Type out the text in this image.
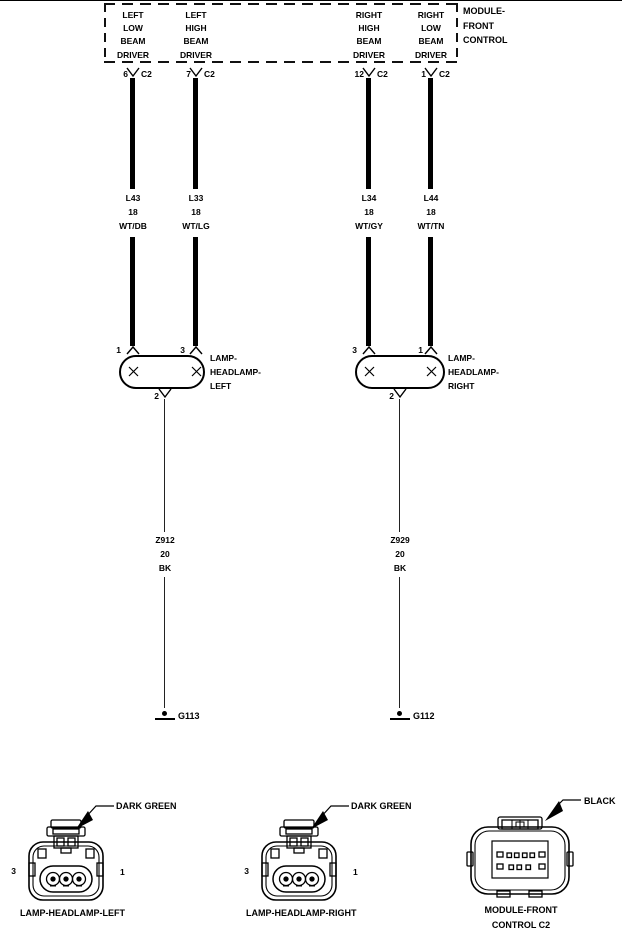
MODULE-
FRONT
CONTROL
LEFT
LOW
BEAM
DRIVER
LEFT
HIGH
BEAM
DRIVER
RIGHT
HIGH
BEAM
DRIVER
RIGHT
LOW
BEAM
DRIVER
6 C2	7 C2	12 C2	1 C2
L43
18
WT/DB
L33
18
WT/LG
L34
18
WT/GY
L44
18
WT/TN
1	3
LAMP-
HEADLAMP-
LEFT
2
3	1
LAMP-
HEADLAMP-
RIGHT
2
Z912
20
BK
Z929
20
BK
G113	G112
DARK GREEN
3	1
LAMP-HEADLAMP-LEFT
DARK GREEN
3	1
LAMP-HEADLAMP-RIGHT
BLACK
MODULE-FRONT
CONTROL C2
